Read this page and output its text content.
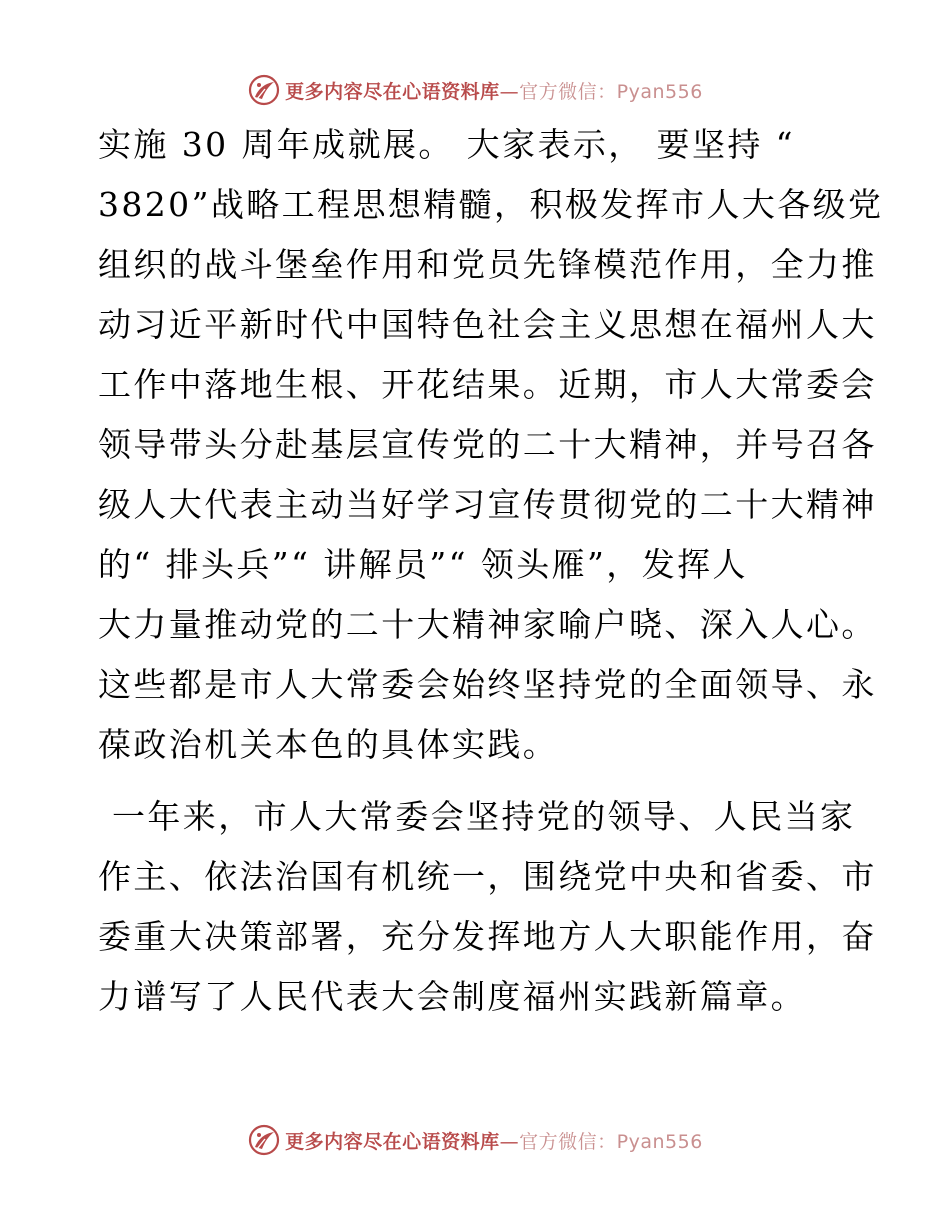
更多内容尽在心语资料库—官方微信：Pyan556
实施 30 周年成就展。 大家表示， 要坚持 “
3820”战略工程思想精髓，积极发挥市人大各级党
组织的战斗堡垒作用和党员先锋模范作用，全力推
动习近平新时代中国特色社会主义思想在福州人大
工作中落地生根、开花结果。近期，市人大常委会
领导带头分赴基层宣传党的二十大精神，并号召各
级人大代表主动当好学习宣传贯彻党的二十大精神
的“ 排头兵”“ 讲解员”“ 领头雁”，发挥人
大力量推动党的二十大精神家喻户晓、深入人心。
这些都是市人大常委会始终坚持党的全面领导、永
葆政治机关本色的具体实践。
一年来，市人大常委会坚持党的领导、人民当家
作主、依法治国有机统一，围绕党中央和省委、市
委重大决策部署，充分发挥地方人大职能作用，奋
力谱写了人民代表大会制度福州实践新篇章。
更多内容尽在心语资料库—官方微信：Pyan556
